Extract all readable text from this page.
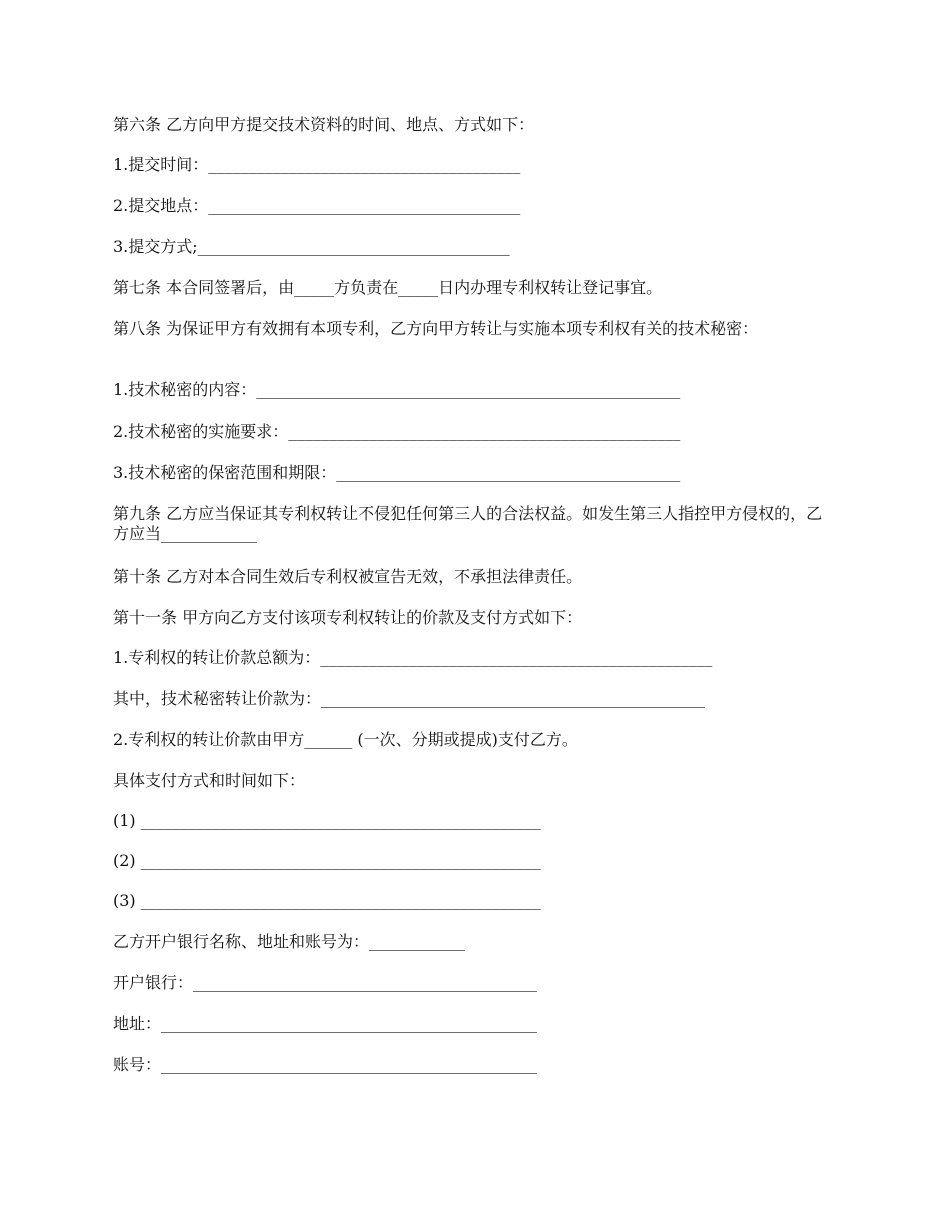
第六条 乙方向甲方提交技术资料的时间、地点、方式如下：
1.提交时间：_______________________________________
2.提交地点：_______________________________________
3.提交方式;_______________________________________
第七条 本合同签署后，由_____方负责在_____日内办理专利权转让登记事宜。
第八条 为保证甲方有效拥有本项专利，乙方向甲方转让与实施本项专利权有关的技术秘密：
1.技术秘密的内容：_____________________________________________________
2.技术秘密的实施要求：_________________________________________________
3.技术秘密的保密范围和期限：___________________________________________
第九条 乙方应当保证其专利权转让不侵犯任何第三人的合法权益。如发生第三人指控甲方侵权的，乙方应当____________
第十条 乙方对本合同生效后专利权被宣告无效，不承担法律责任。
第十一条 甲方向乙方支付该项专利权转让的价款及支付方式如下：
1.专利权的转让价款总额为：_________________________________________________
其中，技术秘密转让价款为：________________________________________________
2.专利权的转让价款由甲方______ (一次、分期或提成)支付乙方。
具体支付方式和时间如下：
(1) __________________________________________________
(2) __________________________________________________
(3) __________________________________________________
乙方开户银行名称、地址和账号为：____________
开户银行：___________________________________________
地址：_______________________________________________
账号：_______________________________________________
